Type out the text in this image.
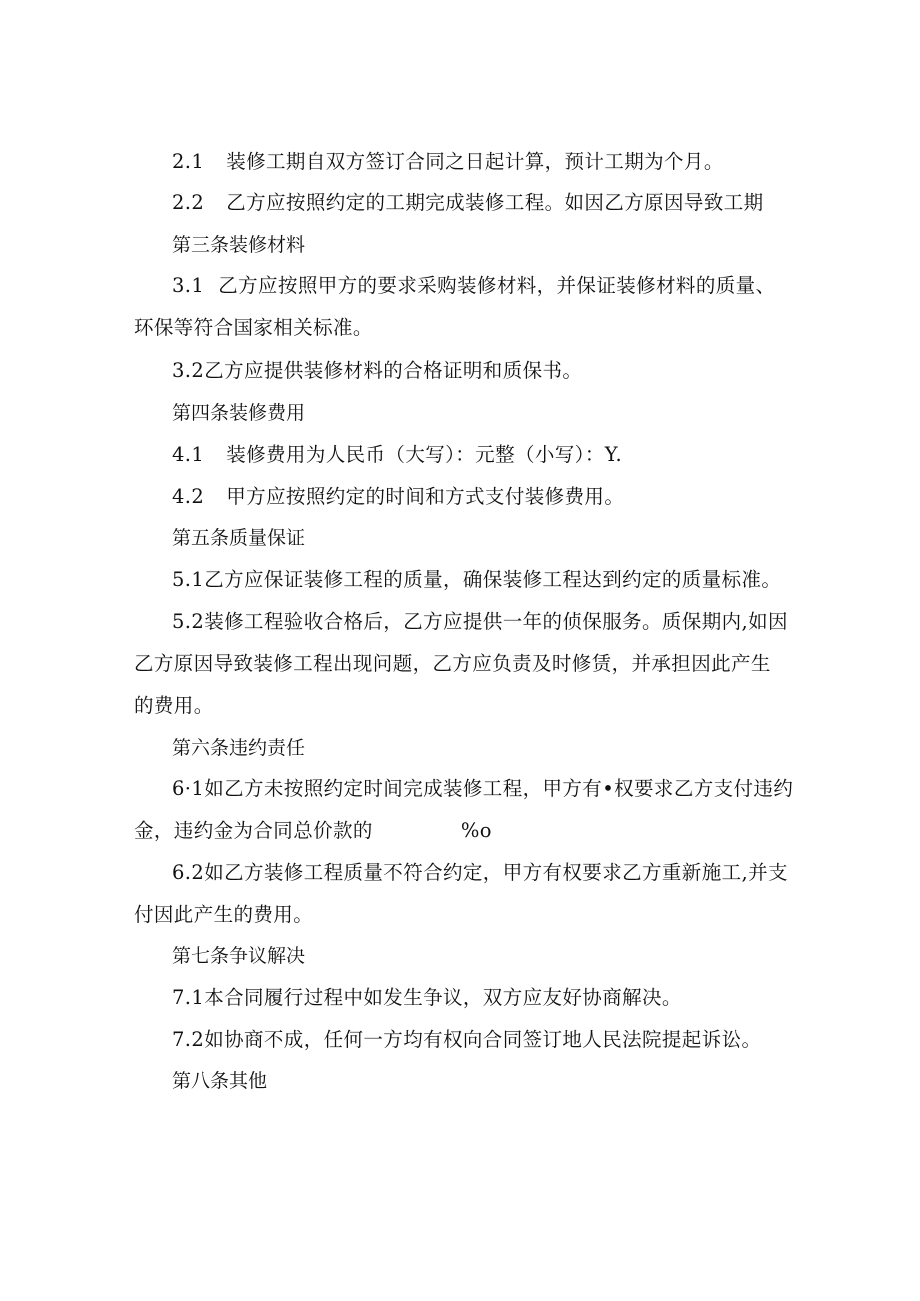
2.1 装修工期自双方签订合同之日起计算，预计工期为个月。
2.2 乙方应按照约定的工期完成装修工程。如因乙方原因导致工期
第三条装修材料
3.1 乙方应按照甲方的要求采购装修材料，并保证装修材料的质量、
环保等符合国家相关标准。
3.2乙方应提供装修材料的合格证明和质保书。
第四条装修费用
4.1 装修费用为人民币（大写）：元整（小写）：Y.
4.2 甲方应按照约定的时间和方式支付装修费用。
第五条质量保证
5.1乙方应保证装修工程的质量，确保装修工程达到约定的质量标准。
5.2装修工程验收合格后，乙方应提供一年的侦保服务。质保期内,如因
乙方原因导致装修工程出现问题，乙方应负责及时修赁，并承担因此产生
的费用。
第六条违约责任
6·1如乙方未按照约定时间完成装修工程，甲方有•权要求乙方支付违约
金，违约金为合同总价款的	%o
6.2如乙方装修工程质量不符合约定，甲方有权要求乙方重新施工,并支
付因此产生的费用。
第七条争议解决
7.1本合同履行过程中如发生争议，双方应友好协商解决。
7.2如协商不成，任何一方均有权向合同签订地人民法院提起诉讼。
第八条其他
